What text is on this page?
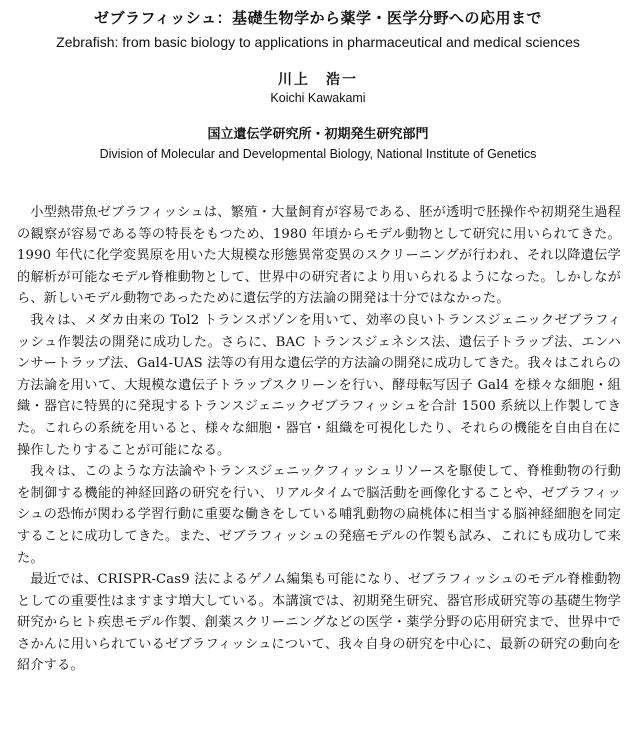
ゼブラフィッシュ：基礎生物学から薬学・医学分野への応用まで
Zebrafish: from basic biology to applications in pharmaceutical and medical sciences
川上　浩一
Koichi Kawakami
国立遺伝学研究所・初期発生研究部門
Division of Molecular and Developmental Biology, National Institute of Genetics

小型熱帯魚ゼブラフィッシュは、繁殖・大量飼育が容易である、胚が透明で胚操作や初期発生過程の観察が容易である等の特長をもつため、1980 年頃からモデル動物として研究に用いられてきた。1990 年代に化学変異原を用いた大規模な形態異常変異のスクリーニングが行われ、それ以降遺伝学的解析が可能なモデル脊椎動物として、世界中の研究者により用いられるようになった。しかしながら、新しいモデル動物であったために遺伝学的方法論の開発は十分ではなかった。

我々は、メダカ由来の Tol2 トランスポゾンを用いて、効率の良いトランスジェニックゼブラフィッシュ作製法の開発に成功した。さらに、BAC トランスジェネシス法、遺伝子トラップ法、エンハンサートラップ法、Gal4-UAS 法等の有用な遺伝学的方法論の開発に成功してきた。我々はこれらの方法論を用いて、大規模な遺伝子トラップスクリーンを行い、酵母転写因子 Gal4 を様々な細胞・組織・器官に特異的に発現するトランスジェニックゼブラフィッシュを合計 1500 系統以上作製してきた。これらの系統を用いると、様々な細胞・器官・組織を可視化したり、それらの機能を自由自在に操作したりすることが可能になる。

我々は、このような方法論やトランスジェニックフィッシュリソースを駆使して、脊椎動物の行動を制御する機能的神経回路の研究を行い、リアルタイムで脳活動を画像化することや、ゼブラフィッシュの恐怖が関わる学習行動に重要な働きをしている哺乳動物の扁桃体に相当する脳神経細胞を同定することに成功してきた。また、ゼブラフィッシュの発癌モデルの作製も試み、これにも成功して来た。

最近では、CRISPR-Cas9 法によるゲノム編集も可能になり、ゼブラフィッシュのモデル脊椎動物としての重要性はますます増大している。本講演では、初期発生研究、器官形成研究等の基礎生物学研究からヒト疾患モデル作製、創薬スクリーニングなどの医学・薬学分野の応用研究まで、世界中でさかんに用いられているゼブラフィッシュについて、我々自身の研究を中心に、最新の研究の動向を紹介する。
